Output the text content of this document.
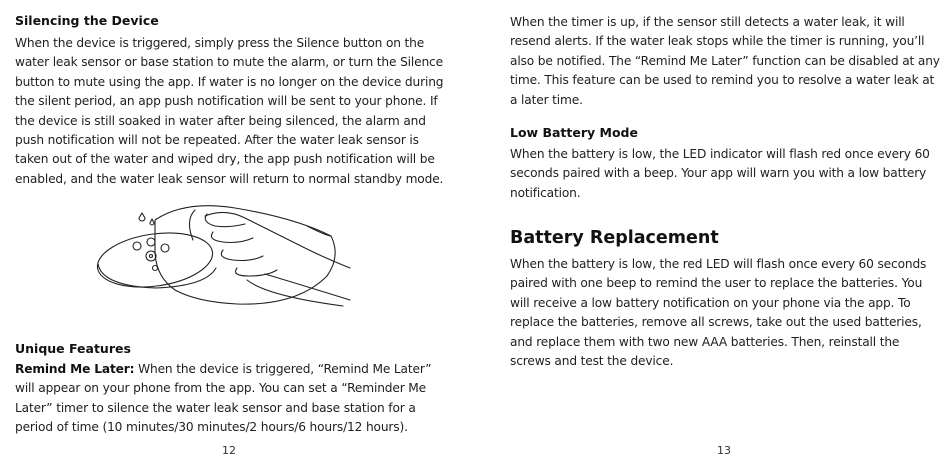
Silencing the Device

When the device is triggered, simply press the Silence button on the water leak sensor or base station to mute the alarm, or turn the Silence button to mute using the app. If water is no longer on the device during the silent period, an app push notification will be sent to your phone. If the device is still soaked in water after being silenced, the alarm and push notification will not be repeated. After the water leak sensor is taken out of the water and wiped dry, the app push notification will be enabled, and the water leak sensor will return to normal standby mode.

Unique Features

Remind Me Later: When the device is triggered, “Remind Me Later” will appear on your phone from the app. You can set a “Reminder Me Later” timer to silence the water leak sensor and base station for a period of time (10 minutes/30 minutes/2 hours/6 hours/12 hours).

12

When the timer is up, if the sensor still detects a water leak, it will resend alerts. If the water leak stops while the timer is running, you’ll also be notified. The “Remind Me Later” function can be disabled at any time. This feature can be used to remind you to resolve a water leak at a later time.

Low Battery Mode

When the battery is low, the LED indicator will flash red once every 60 seconds paired with a beep. Your app will warn you with a low battery notification.

Battery Replacement

When the battery is low, the red LED will flash once every 60 seconds paired with one beep to remind the user to replace the batteries. You will receive a low battery notification on your phone via the app. To replace the batteries, remove all screws, take out the used batteries, and replace them with two new AAA batteries. Then, reinstall the screws and test the device.

13
